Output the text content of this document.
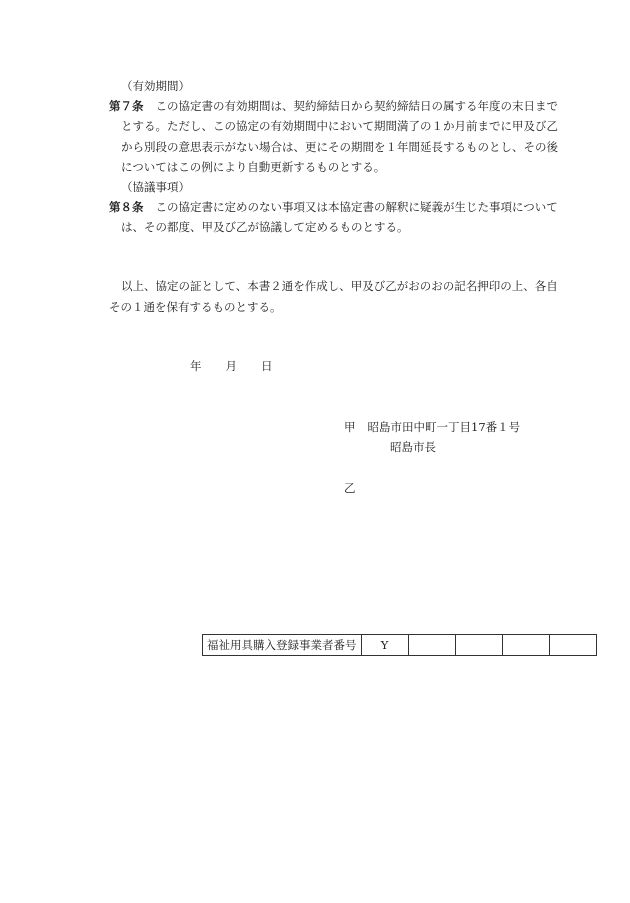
（有効期間）
第７条 この協定書の有効期間は、契約締結日から契約締結日の属する年度の末日まで
とする。ただし、この協定の有効期間中において期間満了の１か月前までに甲及び乙
から別段の意思表示がない場合は、更にその期間を１年間延長するものとし、その後
についてはこの例により自動更新するものとする。
（協議事項）
第８条 この協定書に定めのない事項又は本協定書の解釈に疑義が生じた事項について
は、その都度、甲及び乙が協議して定めるものとする。
以上、協定の証として、本書２通を作成し、甲及び乙がおのおの記名押印の上、各自
その１通を保有するものとする。
年 月 日
甲 昭島市田中町一丁目17番１号
昭島市長
乙
福祉用具購入登録事業者番号	Y				
